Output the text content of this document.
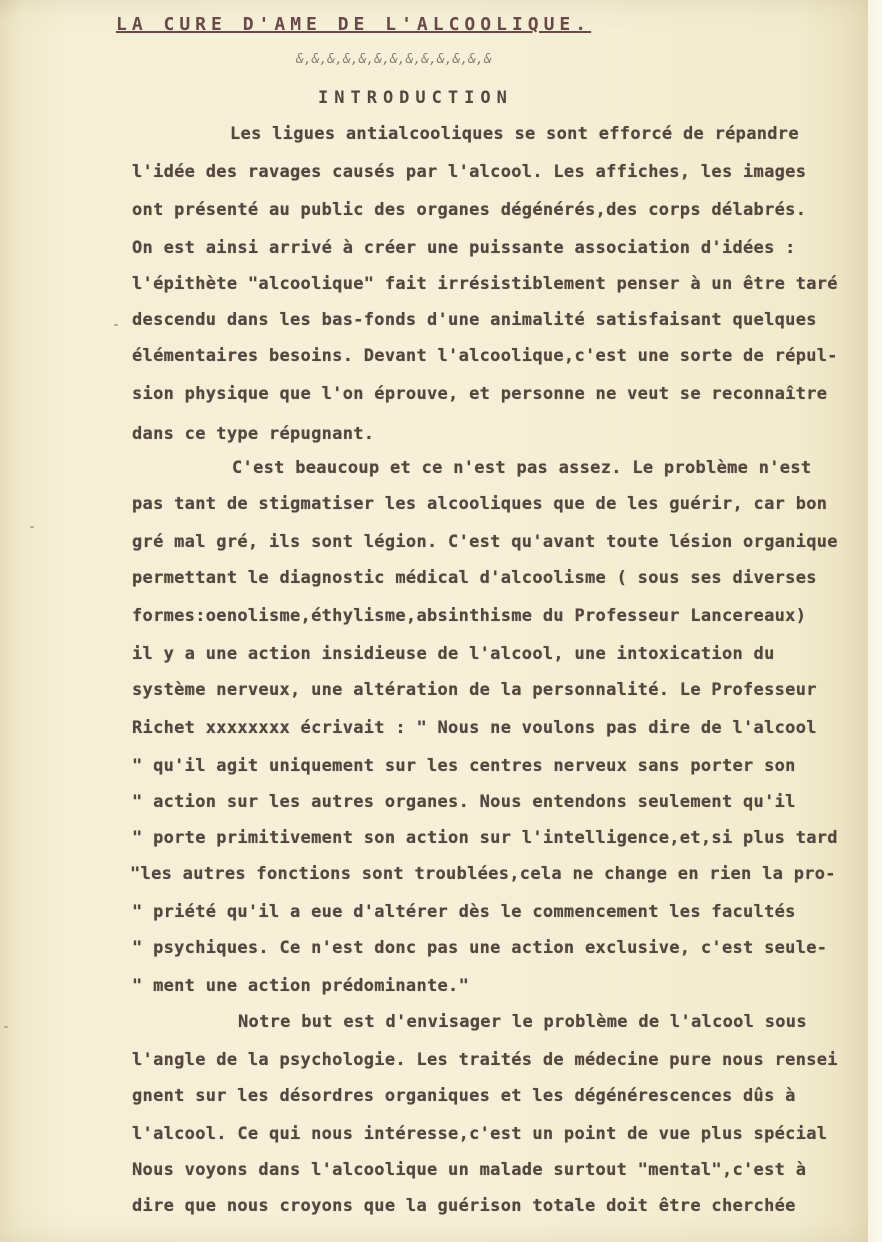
LA CURE D'AME DE L'ALCOOLIQUE.
&,&,&,&,&,&,&,&,&,&,&,&,&
INTRODUCTION
Les ligues antialcooliques se sont efforcé de répandre
l'idée des ravages causés par l'alcool. Les affiches, les images
ont présenté au public des organes dégénérés,des corps délabrés.
On est ainsi arrivé à créer une puissante association d'idées :
l'épithète "alcoolique" fait irrésistiblement penser à un être taré
descendu dans les bas-fonds d'une animalité satisfaisant quelques
élémentaires besoins. Devant l'alcoolique,c'est une sorte de répul-
sion physique que l'on éprouve, et personne ne veut se reconnaître
dans ce type répugnant.
C'est beaucoup et ce n'est pas assez. Le problème n'est
pas tant de stigmatiser les alcooliques que de les guérir, car bon
gré mal gré, ils sont légion. C'est qu'avant toute lésion organique
permettant le diagnostic médical d'alcoolisme ( sous ses diverses
formes:oenolisme,éthylisme,absinthisme du Professeur Lancereaux)
il y a une action insidieuse de l'alcool, une intoxication du
système nerveux, une altération de la personnalité. Le Professeur
Richet xxxxxxxx écrivait : " Nous ne voulons pas dire de l'alcool
" qu'il agit uniquement sur les centres nerveux sans porter son
" action sur les autres organes. Nous entendons seulement qu'il
" porte primitivement son action sur l'intelligence,et,si plus tard
"les autres fonctions sont troublées,cela ne change en rien la pro-
" priété qu'il a eue d'altérer dès le commencement les facultés
" psychiques. Ce n'est donc pas une action exclusive, c'est seule-
" ment une action prédominante."
Notre but est d'envisager le problème de l'alcool sous
l'angle de la psychologie. Les traités de médecine pure nous rensei
gnent sur les désordres organiques et les dégénérescences dûs à
l'alcool. Ce qui nous intéresse,c'est un point de vue plus spécial
Nous voyons dans l'alcoolique un malade surtout "mental",c'est à
dire que nous croyons que la guérison totale doit être cherchée
